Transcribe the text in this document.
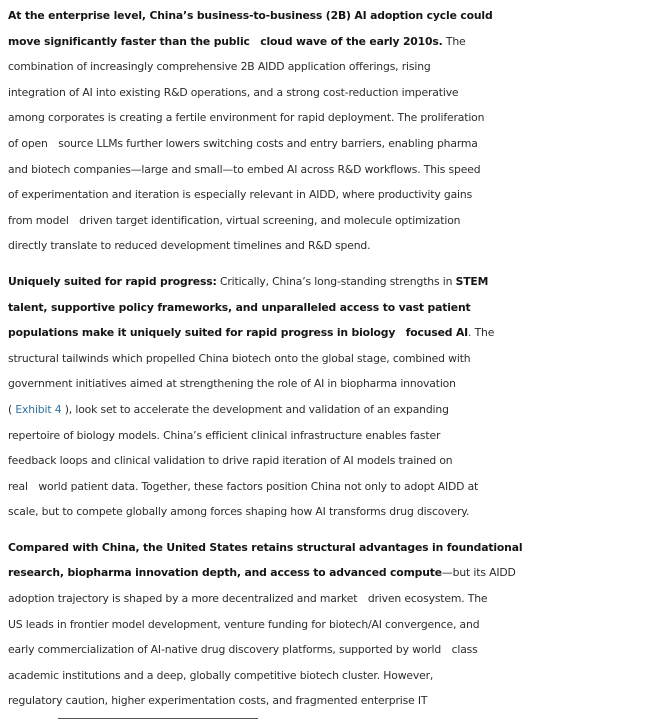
At the enterprise level, China’s business-to-business (2B) AI adoption cycle could
move significantly faster than the public  cloud wave of the early 2010s. The
combination of increasingly comprehensive 2B AIDD application offerings, rising
integration of AI into existing R&D operations, and a strong cost-reduction imperative
among corporates is creating a fertile environment for rapid deployment. The proliferation
of open  source LLMs further lowers switching costs and entry barriers, enabling pharma
and biotech companies—large and small—to embed AI across R&D workflows. This speed
of experimentation and iteration is especially relevant in AIDD, where productivity gains
from model  driven target identification, virtual screening, and molecule optimization
directly translate to reduced development timelines and R&D spend.

Uniquely suited for rapid progress: Critically, China’s long-standing strengths in STEM
talent, supportive policy frameworks, and unparalleled access to vast patient
populations make it uniquely suited for rapid progress in biology  focused AI. The
structural tailwinds which propelled China biotech onto the global stage, combined with
government initiatives aimed at strengthening the role of AI in biopharma innovation
( Exhibit 4 ), look set to accelerate the development and validation of an expanding
repertoire of biology models. China’s efficient clinical infrastructure enables faster
feedback loops and clinical validation to drive rapid iteration of AI models trained on
real  world patient data. Together, these factors position China not only to adopt AIDD at
scale, but to compete globally among forces shaping how AI transforms drug discovery.

Compared with China, the United States retains structural advantages in foundational
research, biopharma innovation depth, and access to advanced compute—but its AIDD
adoption trajectory is shaped by a more decentralized and market  driven ecosystem. The
US leads in frontier model development, venture funding for biotech/AI convergence, and
early commercialization of AI-native drug discovery platforms, supported by world  class
academic institutions and a deep, globally competitive biotech cluster. However,
regulatory caution, higher experimentation costs, and fragmented enterprise IT
